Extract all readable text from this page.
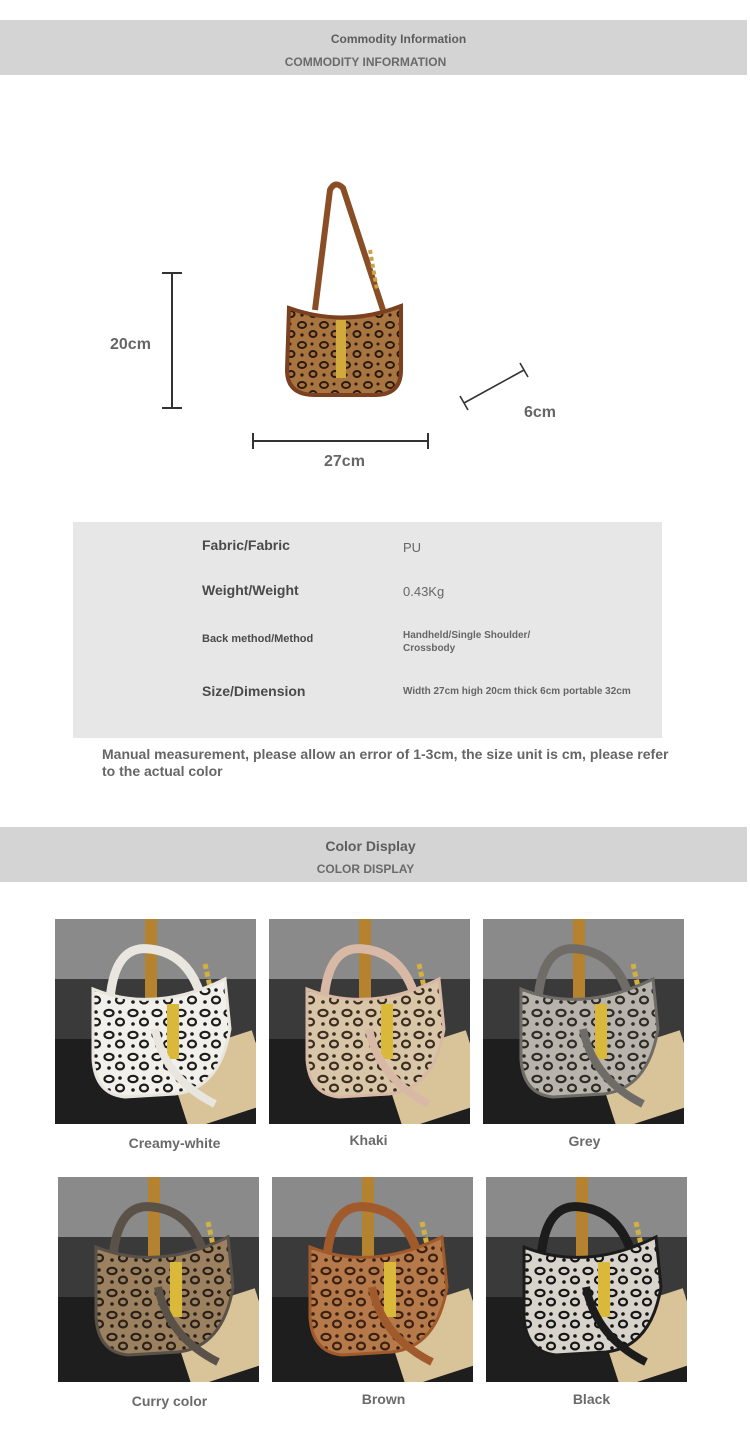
Commodity Information
COMMODITY INFORMATION
20cm
27cm
6cm
Fabric/Fabric	PU
Weight/Weight	0.43Kg
Back method/Method	Handheld/Single Shoulder/ Crossbody
Size/Dimension	Width 27cm high 20cm thick 6cm portable 32cm
Manual measurement, please allow an error of 1-3cm, the size unit is cm, please refer to the actual color
Color Display
COLOR DISPLAY
Creamy-white	Khaki	Grey
Curry color	Brown	Black
